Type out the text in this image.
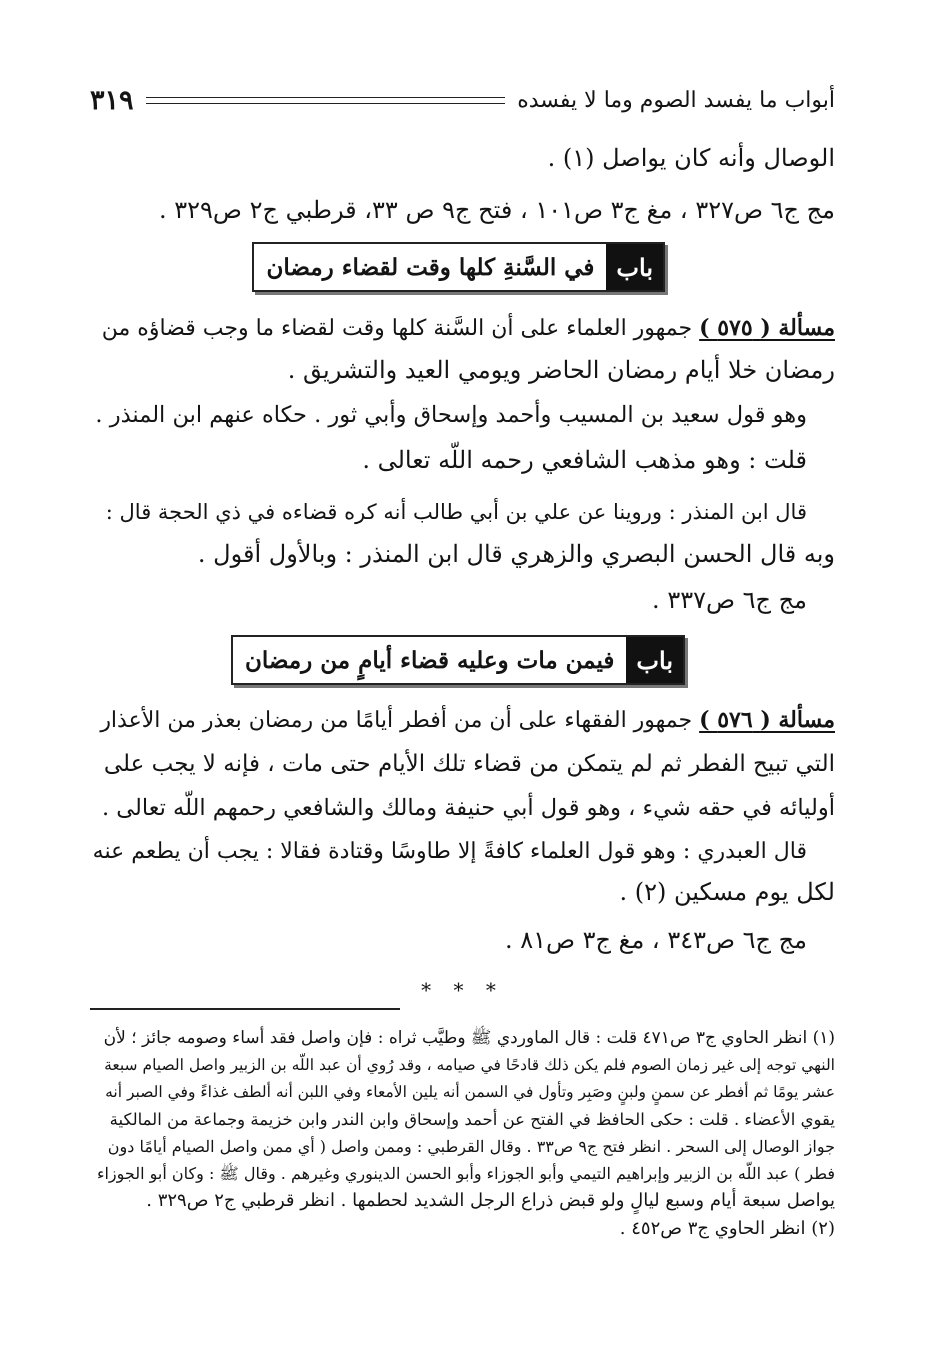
أبواب ما يفسد الصوم وما لا يفسده
٣١٩
الوصال وأنه كان يواصل (١) .
مج ج٦ ص٣٢٧ ، مغ ج٣ ص١٠١ ، فتح ج٩ ص ٣٣، قرطبي ج٢ ص٣٢٩ .
باب
في السَّنةِ كلها وقت لقضاء رمضان
مسألة ( ٥٧٥ ) جمهور العلماء على أن السَّنة كلها وقت لقضاء ما وجب قضاؤه من
رمضان خلا أيام رمضان الحاضر ويومي العيد والتشريق .
وهو قول سعيد بن المسيب وأحمد وإسحاق وأبي ثور . حكاه عنهم ابن المنذر .
قلت : وهو مذهب الشافعي رحمه اللّه تعالى .
قال ابن المنذر : وروينا عن علي بن أبي طالب أنه كره قضاءه في ذي الحجة قال :
وبه قال الحسن البصري والزهري قال ابن المنذر : وبالأول أقول .
مج ج٦ ص٣٣٧ .
باب
فيمن مات وعليه قضاء أيامٍ من رمضان
مسألة ( ٥٧٦ ) جمهور الفقهاء على أن من أفطر أيامًا من رمضان بعذر من الأعذار
التي تبيح الفطر ثم لم يتمكن من قضاء تلك الأيام حتى مات ، فإنه لا يجب على
أوليائه في حقه شيء ، وهو قول أبي حنيفة ومالك والشافعي رحمهم اللّه تعالى .
قال العبدري : وهو قول العلماء كافةً إلا طاوسًا وقتادة فقالا : يجب أن يطعم عنه
لكل يوم مسكين (٢) .
مج ج٦ ص٣٤٣ ، مغ ج٣ ص٨١ .
* * *
(١) انظر الحاوي ج٣ ص٤٧١ قلت : قال الماوردي ﷺ وطيَّب ثراه : فإن واصل فقد أساء وصومه جائز ؛ لأن
النهي توجه إلى غير زمان الصوم فلم يكن ذلك قادحًا في صيامه ، وقد رُوي أن عبد اللّه بن الزبير واصل الصيام سبعة
عشر يومًا ثم أفطر عن سمنٍ ولبنٍ وصَبِر وتأول في السمن أنه يلين الأمعاء وفي اللبن أنه ألطف غذاءً وفي الصبر أنه
يقوي الأعضاء . قلت : حكى الحافظ في الفتح عن أحمد وإسحاق وابن الندر وابن خزيمة وجماعة من المالكية
جواز الوصال إلى السحر . انظر فتح ج٩ ص٣٣ . وقال القرطبي : وممن واصل ( أي ممن واصل الصيام أيامًا دون
فطر ) عبد اللّه بن الزبير وإبراهيم التيمي وأبو الجوزاء وأبو الحسن الدينوري وغيرهم . وقال ﷺ : وكان أبو الجوزاء
يواصل سبعة أيام وسبع ليالٍ ولو قبض ذراع الرجل الشديد لحطمها . انظر قرطبي ج٢ ص٣٢٩ .
(٢) انظر الحاوي ج٣ ص٤٥٢ .
